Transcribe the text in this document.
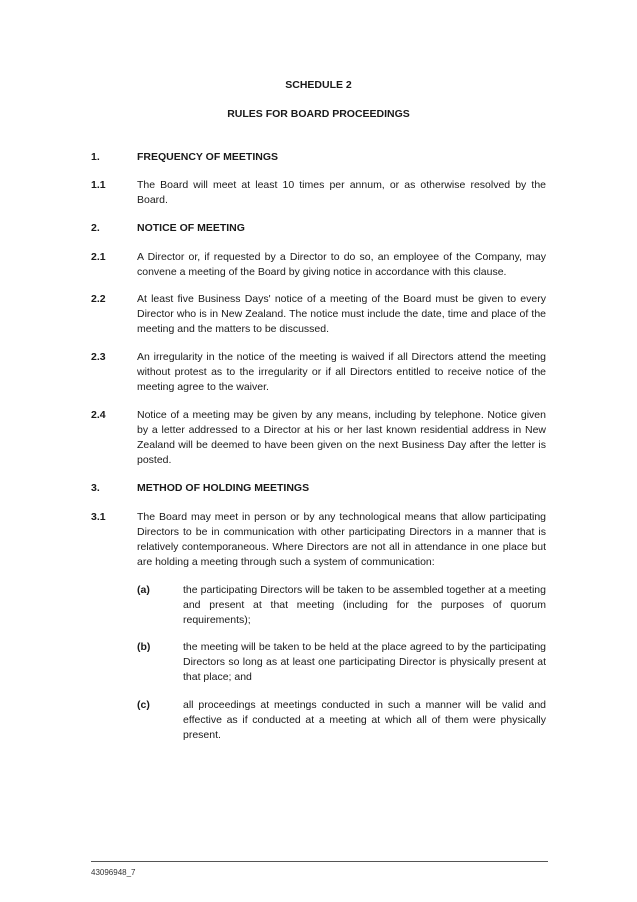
SCHEDULE 2
RULES FOR BOARD PROCEEDINGS
1.	FREQUENCY OF MEETINGS
1.1	The Board will meet at least 10 times per annum, or as otherwise resolved by the Board.
2.	NOTICE OF MEETING
2.1	A Director or, if requested by a Director to do so, an employee of the Company, may convene a meeting of the Board by giving notice in accordance with this clause.
2.2	At least five Business Days' notice of a meeting of the Board must be given to every Director who is in New Zealand. The notice must include the date, time and place of the meeting and the matters to be discussed.
2.3	An irregularity in the notice of the meeting is waived if all Directors attend the meeting without protest as to the irregularity or if all Directors entitled to receive notice of the meeting agree to the waiver.
2.4	Notice of a meeting may be given by any means, including by telephone. Notice given by a letter addressed to a Director at his or her last known residential address in New Zealand will be deemed to have been given on the next Business Day after the letter is posted.
3.	METHOD OF HOLDING MEETINGS
3.1	The Board may meet in person or by any technological means that allow participating Directors to be in communication with other participating Directors in a manner that is relatively contemporaneous. Where Directors are not all in attendance in one place but are holding a meeting through such a system of communication:
(a)	the participating Directors will be taken to be assembled together at a meeting and present at that meeting (including for the purposes of quorum requirements);
(b)	the meeting will be taken to be held at the place agreed to by the participating Directors so long as at least one participating Director is physically present at that place; and
(c)	all proceedings at meetings conducted in such a manner will be valid and effective as if conducted at a meeting at which all of them were physically present.
43096948_7
